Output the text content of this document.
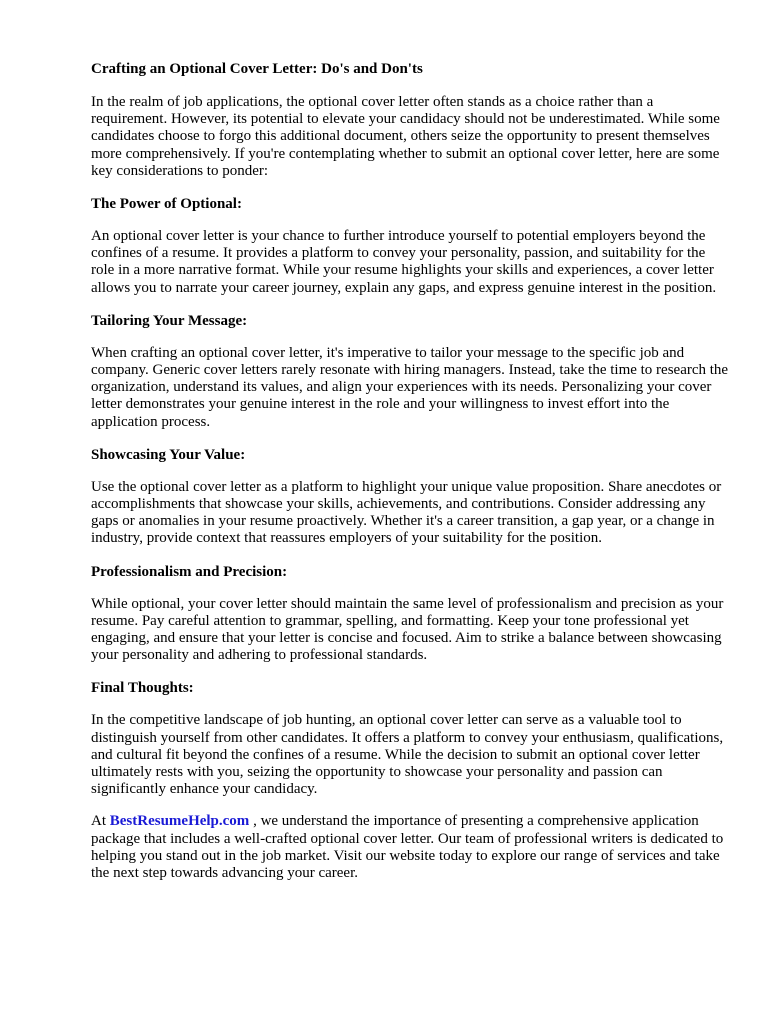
Crafting an Optional Cover Letter: Do's and Don'ts

In the realm of job applications, the optional cover letter often stands as a choice rather than a requirement. However, its potential to elevate your candidacy should not be underestimated. While some candidates choose to forgo this additional document, others seize the opportunity to present themselves more comprehensively. If you're contemplating whether to submit an optional cover letter, here are some key considerations to ponder:

The Power of Optional:

An optional cover letter is your chance to further introduce yourself to potential employers beyond the confines of a resume. It provides a platform to convey your personality, passion, and suitability for the role in a more narrative format. While your resume highlights your skills and experiences, a cover letter allows you to narrate your career journey, explain any gaps, and express genuine interest in the position.

Tailoring Your Message:

When crafting an optional cover letter, it's imperative to tailor your message to the specific job and company. Generic cover letters rarely resonate with hiring managers. Instead, take the time to research the organization, understand its values, and align your experiences with its needs. Personalizing your cover letter demonstrates your genuine interest in the role and your willingness to invest effort into the application process.

Showcasing Your Value:

Use the optional cover letter as a platform to highlight your unique value proposition. Share anecdotes or accomplishments that showcase your skills, achievements, and contributions. Consider addressing any gaps or anomalies in your resume proactively. Whether it's a career transition, a gap year, or a change in industry, provide context that reassures employers of your suitability for the position.

Professionalism and Precision:

While optional, your cover letter should maintain the same level of professionalism and precision as your resume. Pay careful attention to grammar, spelling, and formatting. Keep your tone professional yet engaging, and ensure that your letter is concise and focused. Aim to strike a balance between showcasing your personality and adhering to professional standards.

Final Thoughts:

In the competitive landscape of job hunting, an optional cover letter can serve as a valuable tool to distinguish yourself from other candidates. It offers a platform to convey your enthusiasm, qualifications, and cultural fit beyond the confines of a resume. While the decision to submit an optional cover letter ultimately rests with you, seizing the opportunity to showcase your personality and passion can significantly enhance your candidacy.

At BestResumeHelp.com , we understand the importance of presenting a comprehensive application package that includes a well-crafted optional cover letter. Our team of professional writers is dedicated to helping you stand out in the job market. Visit our website today to explore our range of services and take the next step towards advancing your career.
